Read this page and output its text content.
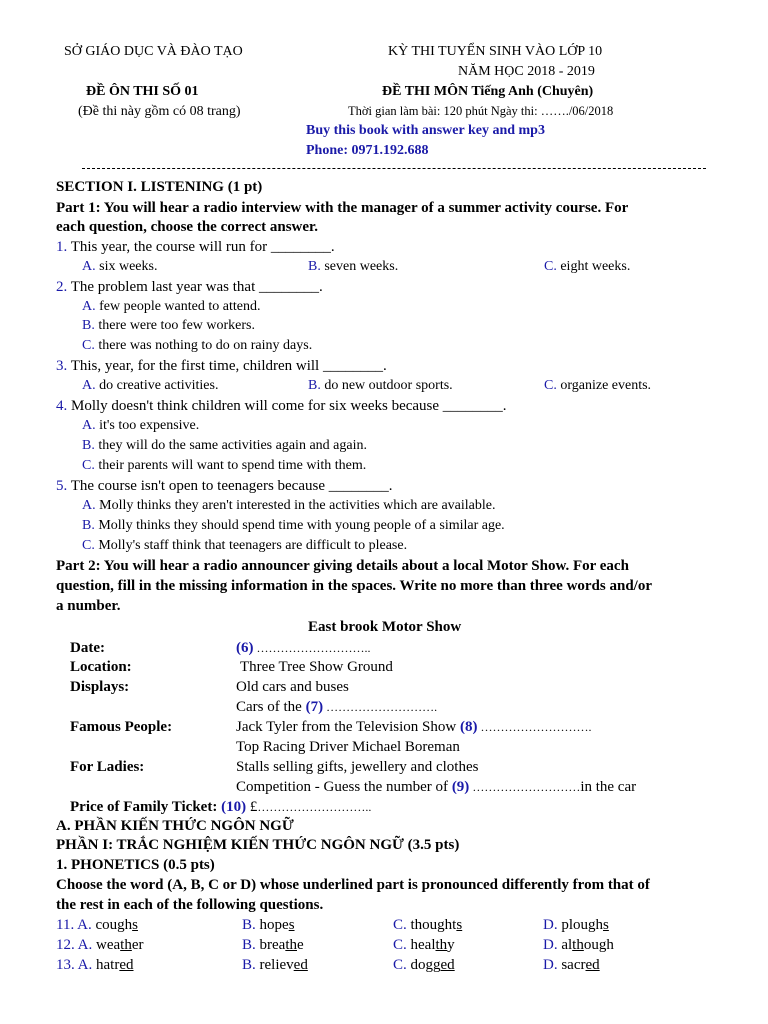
SỞ GIÁO DỤC VÀ ĐÀO TẠO
ĐỀ ÔN THI SỐ 01
(Đề thi này gồm có 08 trang)
KỲ THI TUYỂN SINH VÀO LỚP 10
NĂM HỌC 2018 - 2019
ĐỀ THI MÔN Tiếng Anh (Chuyên)
Thời gian làm bài: 120 phút Ngày thi: ……./06/2018
Buy this book with answer key and mp3
Phone: 0971.192.688
SECTION I. LISTENING (1 pt)
Part 1: You will hear a radio interview with the manager of a summer activity course. For
each question, choose the correct answer.
1. This year, the course will run for ________.
A. six weeks.	B. seven weeks.	C. eight weeks.
2. The problem last year was that ________.
A. few people wanted to attend.
B. there were too few workers.
C. there was nothing to do on rainy days.
3. This, year, for the first time, children will ________.
A. do creative activities.	B. do new outdoor sports.	C. organize events.
4. Molly doesn't think children will come for six weeks because ________.
A. it's too expensive.
B. they will do the same activities again and again.
C. their parents will want to spend time with them.
5. The course isn't open to teenagers because ________.
A. Molly thinks they aren't interested in the activities which are available.
B. Molly thinks they should spend time with young people of a similar age.
C. Molly's staff think that teenagers are difficult to please.
Part 2: You will hear a radio announcer giving details about a local Motor Show. For each
question, fill in the missing information in the spaces. Write no more than three words and/or
a number.
East brook Motor Show
Date:	(6) ………………………..
Location:	Three Tree Show Ground
Displays:	Old cars and buses
Cars of the (7) ……………………….
Famous People:	Jack Tyler from the Television Show (8) ……………………….
Top Racing Driver Michael Boreman
For Ladies:	Stalls selling gifts, jewellery and clothes
Competition - Guess the number of (9) ………………………in the car
Price of Family Ticket: (10) £………………………..
A. PHẦN KIẾN THỨC NGÔN NGỮ
PHẦN I: TRẮC NGHIỆM KIẾN THỨC NGÔN NGỮ (3.5 pts)
1. PHONETICS (0.5 pts)
Choose the word (A, B, C or D) whose underlined part is pronounced differently from that of
the rest in each of the following questions.
11. A. coughs	B. hopes	C. thoughts	D. ploughs
12. A. weather	B. breathe	C. healthy	D. although
13. A. hatred	B. relieved	C. dogged	D. sacred
